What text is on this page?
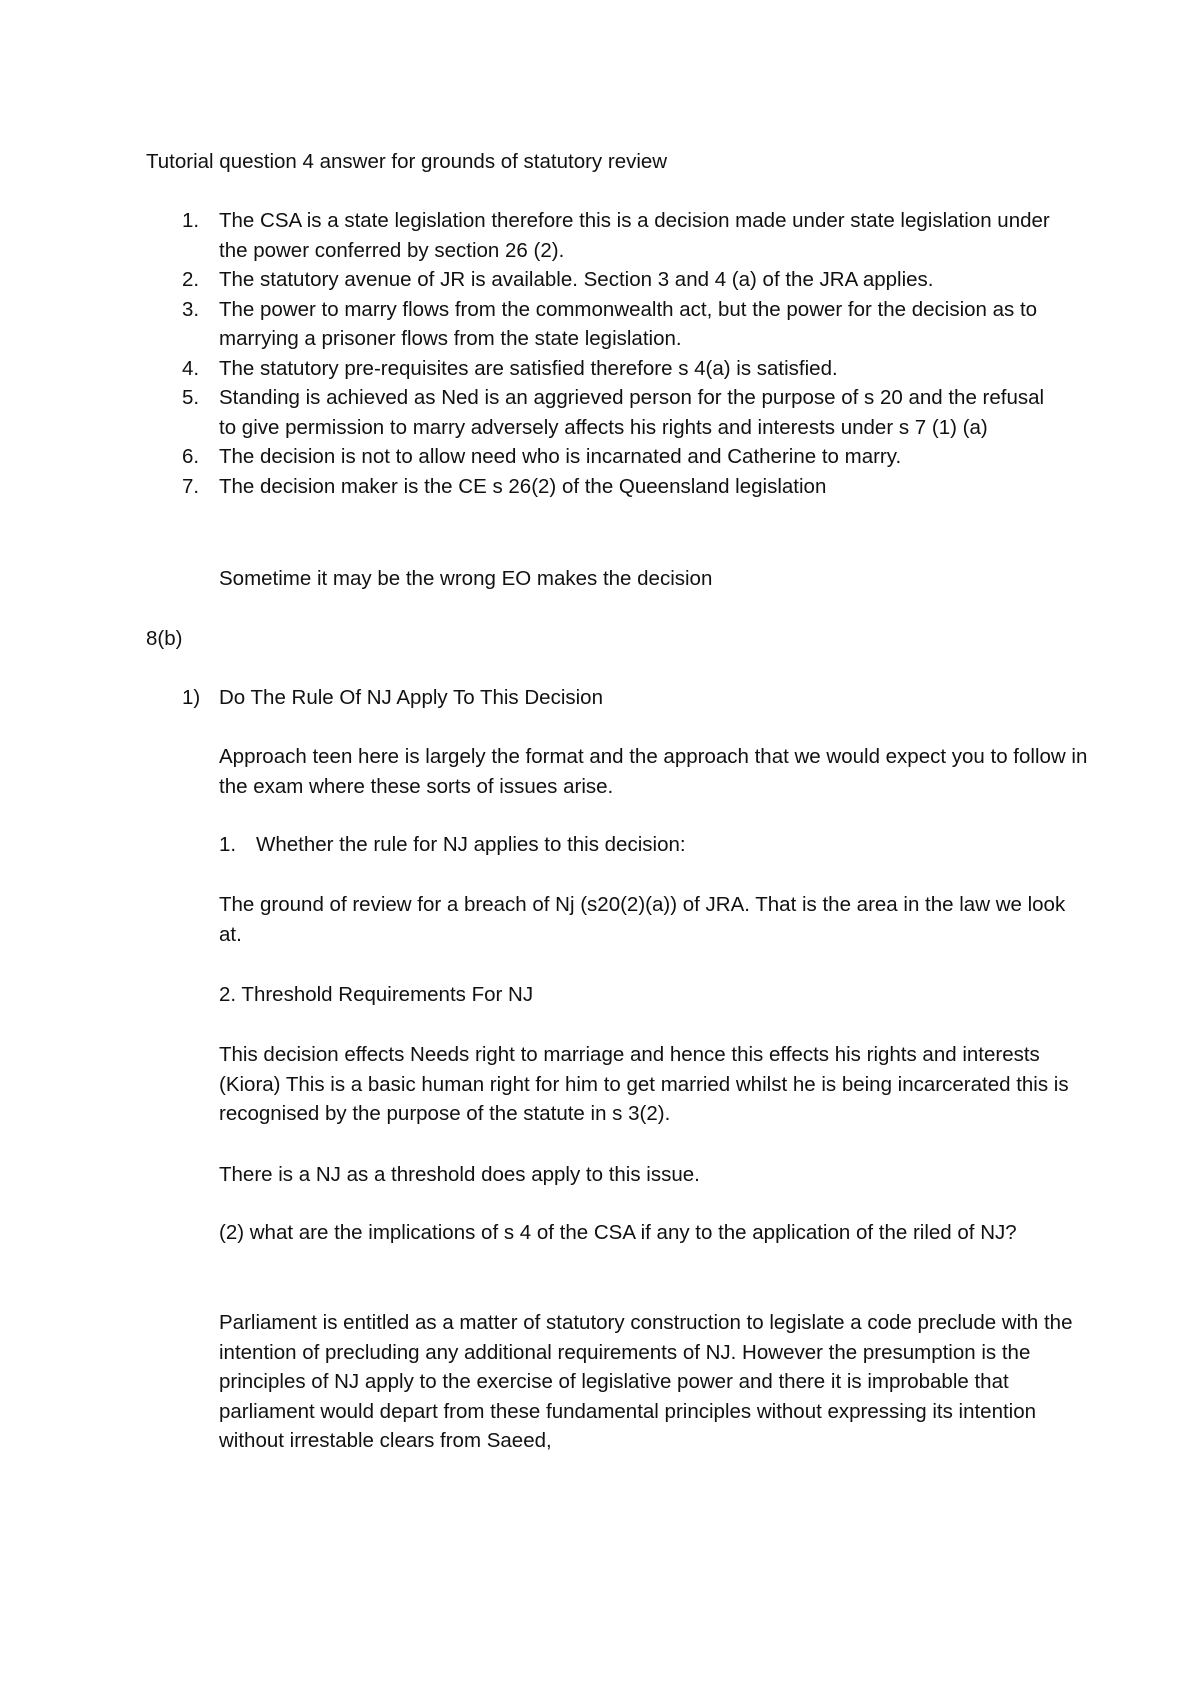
Tutorial question 4 answer for grounds of statutory review

1. The CSA is a state legislation therefore this is a decision made under state legislation under the power conferred by section 26 (2).
2. The statutory avenue of JR is available. Section 3 and 4 (a) of the JRA applies.
3. The power to marry flows from the commonwealth act, but the power for the decision as to marrying a prisoner flows from the state legislation.
4. The statutory pre-requisites are satisfied therefore s 4(a) is satisfied.
5. Standing is achieved as Ned is an aggrieved person for the purpose of s 20 and the refusal to give permission to marry adversely affects his rights and interests under s 7 (1) (a)
6. The decision is not to allow need who is incarnated and Catherine to marry.
7. The decision maker is the CE s 26(2) of the Queensland legislation

Sometime it may be the wrong EO makes the decision

8(b)

1) Do The Rule Of NJ Apply To This Decision

Approach teen here is largely the format and the approach that we would expect you to follow in the exam where these sorts of issues arise.

1. Whether the rule for NJ applies to this decision:

The ground of review for a breach of Nj (s20(2)(a)) of JRA. That is the area in the law we look at.

2. Threshold Requirements For NJ

This decision effects Needs right to marriage and hence this effects his rights and interests (Kiora) This is a basic human right for him to get married whilst he is being incarcerated this is recognised by the purpose of the statute in s 3(2).

There is a NJ as a threshold does apply to this issue.

(2) what are the implications of s 4 of the CSA if any to the application of the riled of NJ?

Parliament is entitled as a matter of statutory construction to legislate a code preclude with the intention of precluding any additional requirements of NJ. However the presumption is the principles of NJ apply to the exercise of legislative power and there it is improbable that parliament would depart from these fundamental principles without expressing its intention without irrestable clears from Saeed,
